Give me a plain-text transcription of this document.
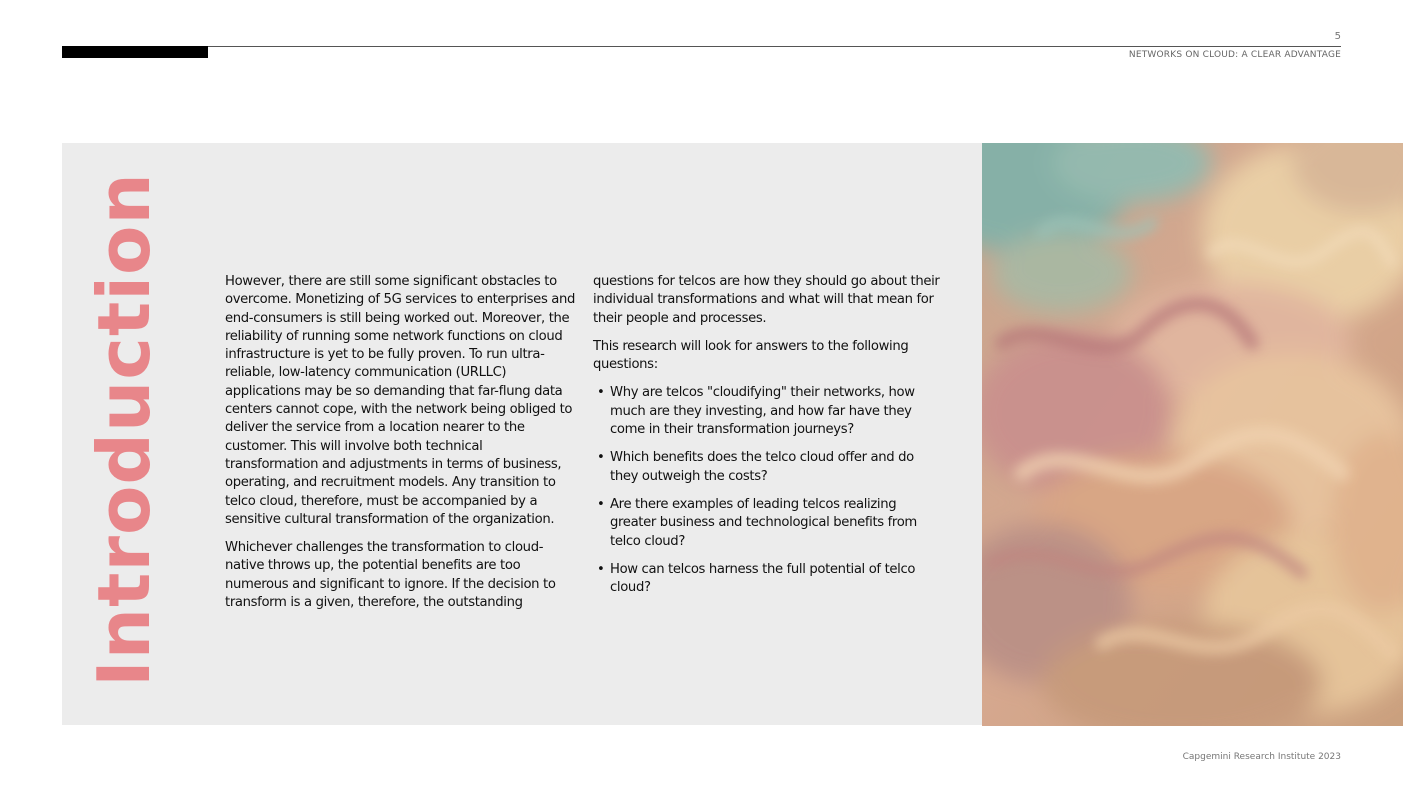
5
NETWORKS ON CLOUD: A CLEAR ADVANTAGE
Introduction	However, there are still some significant obstacles to overcome. Monetizing of 5G services to enterprises and end-consumers is still being worked out. Moreover, the reliability of running some network functions on cloud infrastructure is yet to be fully proven. To run ultra-reliable, low-latency communication (URLLC) applications may be so demanding that far-flung data centers cannot cope, with the network being obliged to deliver the service from a location nearer to the customer. This will involve both technical transformation and adjustments in terms of business, operating, and recruitment models. Any transition to telco cloud, therefore, must be accompanied by a sensitive cultural transformation of the organization.

Whichever challenges the transformation to cloud-native throws up, the potential benefits are too numerous and significant to ignore. If the decision to transform is a given, therefore, the outstanding

questions for telcos are how they should go about their individual transformations and what will that mean for their people and processes.

This research will look for answers to the following questions:

• Why are telcos "cloudifying" their networks, how much are they investing, and how far have they come in their transformation journeys?
• Which benefits does the telco cloud offer and do they outweigh the costs?
• Are there examples of leading telcos realizing greater business and technological benefits from telco cloud?
• How can telcos harness the full potential of telco cloud?
Capgemini Research Institute 2023
